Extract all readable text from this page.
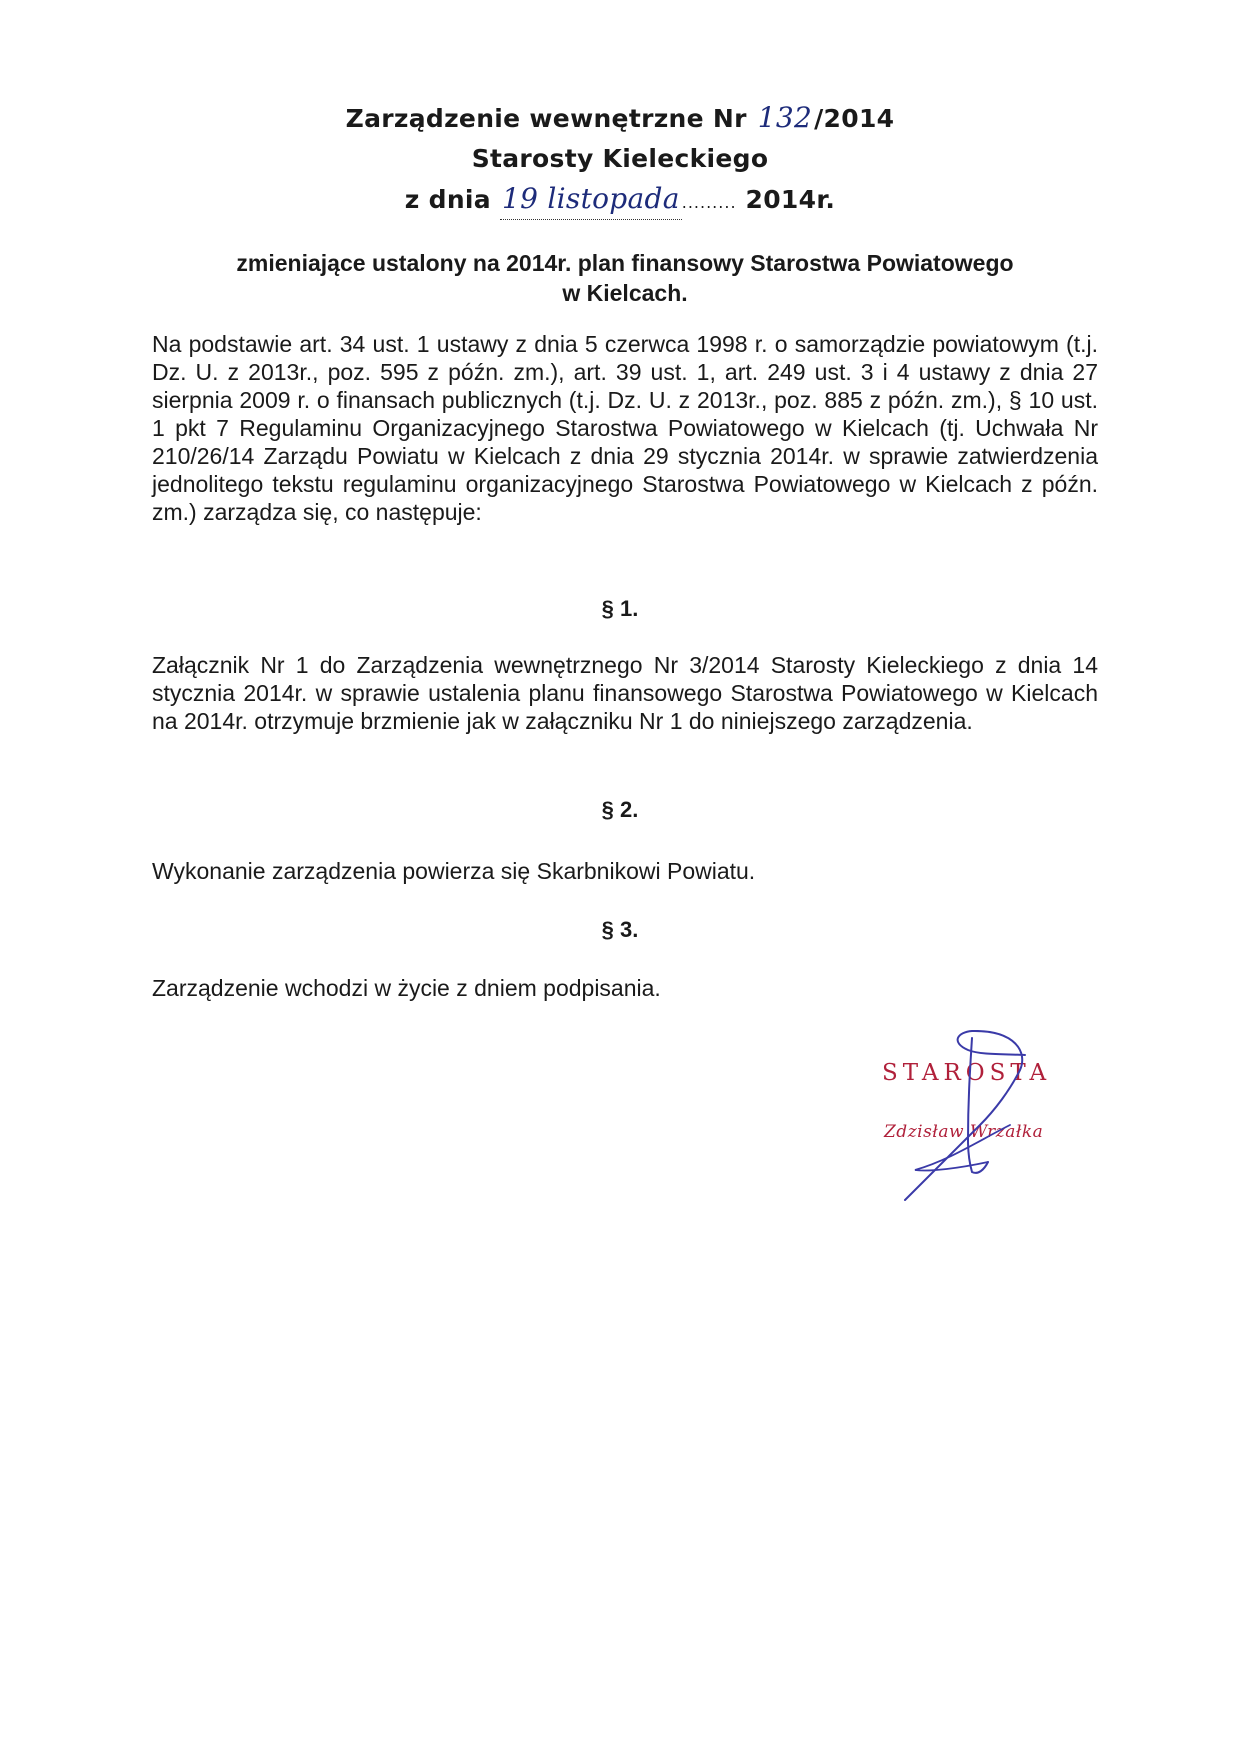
Zarządzenie wewnętrzne Nr 132/2014
Starosty Kieleckiego
z dnia 19 listopada ......... 2014r.
zmieniające ustalony na 2014r. plan finansowy Starostwa Powiatowego
w Kielcach.
Na podstawie art. 34 ust. 1 ustawy z dnia 5 czerwca 1998 r. o samorządzie powiatowym (t.j. Dz. U. z 2013r., poz. 595 z późn. zm.), art. 39 ust. 1, art. 249 ust. 3 i 4 ustawy z dnia 27 sierpnia 2009 r. o finansach publicznych (t.j. Dz. U. z 2013r., poz. 885 z późn. zm.), § 10 ust. 1 pkt 7 Regulaminu Organizacyjnego Starostwa Powiatowego w Kielcach (tj. Uchwała Nr 210/26/14 Zarządu Powiatu w Kielcach z dnia 29 stycznia 2014r. w sprawie zatwierdzenia jednolitego tekstu regulaminu organizacyjnego Starostwa Powiatowego w Kielcach z późn. zm.) zarządza się, co następuje:
§ 1.
Załącznik Nr 1 do Zarządzenia wewnętrznego Nr 3/2014 Starosty Kieleckiego z dnia 14 stycznia 2014r. w sprawie ustalenia planu finansowego Starostwa Powiatowego w Kielcach na 2014r. otrzymuje brzmienie jak w załączniku Nr 1 do niniejszego zarządzenia.
§ 2.
Wykonanie zarządzenia powierza się Skarbnikowi Powiatu.
§ 3.
Zarządzenie wchodzi w życie z dniem podpisania.
STAROSTA
Zdzisław Wrzałka
